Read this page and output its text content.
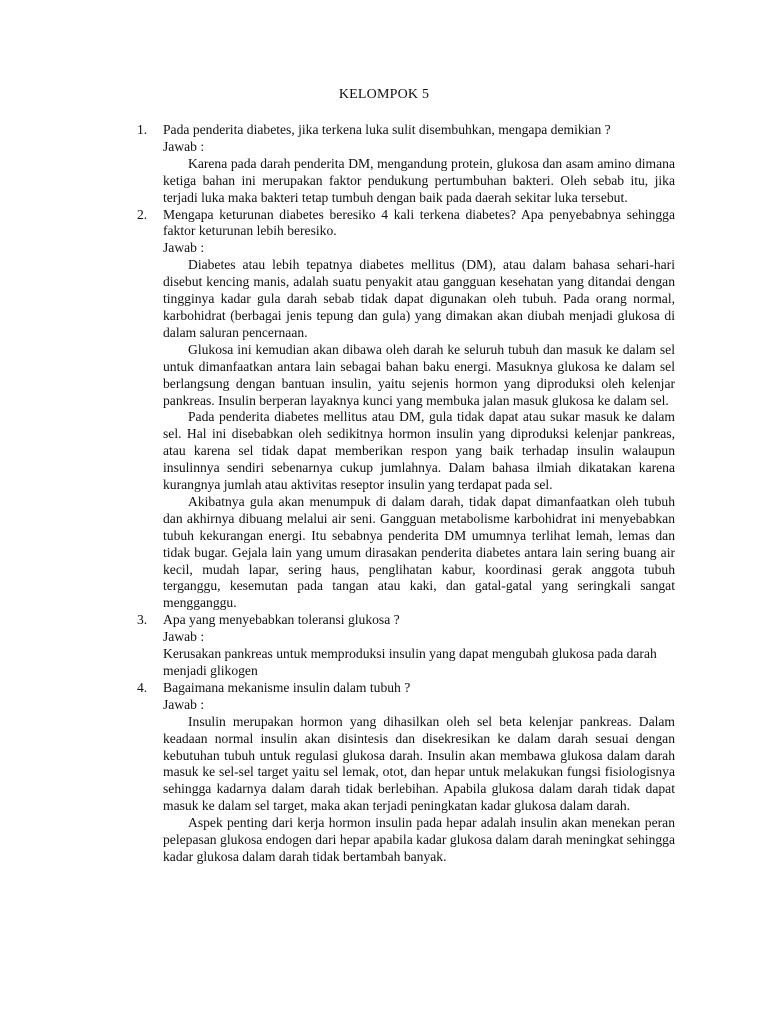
KELOMPOK 5
1. Pada penderita diabetes, jika terkena luka sulit disembuhkan, mengapa demikian ?
Jawab :

Karena pada darah penderita DM, mengandung protein, glukosa dan asam amino dimana ketiga bahan ini merupakan faktor pendukung pertumbuhan bakteri. Oleh sebab itu, jika terjadi luka maka bakteri tetap tumbuh dengan baik pada daerah sekitar luka tersebut.

2. Mengapa keturunan diabetes beresiko 4 kali terkena diabetes? Apa penyebabnya sehingga faktor keturunan lebih beresiko.
Jawab :

Diabetes atau lebih tepatnya diabetes mellitus (DM), atau dalam bahasa sehari-hari disebut kencing manis, adalah suatu penyakit atau gangguan kesehatan yang ditandai dengan tingginya kadar gula darah sebab tidak dapat digunakan oleh tubuh. Pada orang normal, karbohidrat (berbagai jenis tepung dan gula) yang dimakan akan diubah menjadi glukosa di dalam saluran pencernaan.

Glukosa ini kemudian akan dibawa oleh darah ke seluruh tubuh dan masuk ke dalam sel untuk dimanfaatkan antara lain sebagai bahan baku energi. Masuknya glukosa ke dalam sel berlangsung dengan bantuan insulin, yaitu sejenis hormon yang diproduksi oleh kelenjar pankreas. Insulin berperan layaknya kunci yang membuka jalan masuk glukosa ke dalam sel.

Pada penderita diabetes mellitus atau DM, gula tidak dapat atau sukar masuk ke dalam sel. Hal ini disebabkan oleh sedikitnya hormon insulin yang diproduksi kelenjar pankreas, atau karena sel tidak dapat memberikan respon yang baik terhadap insulin walaupun insulinnya sendiri sebenarnya cukup jumlahnya. Dalam bahasa ilmiah dikatakan karena kurangnya jumlah atau aktivitas reseptor insulin yang terdapat pada sel.

Akibatnya gula akan menumpuk di dalam darah, tidak dapat dimanfaatkan oleh tubuh dan akhirnya dibuang melalui air seni. Gangguan metabolisme karbohidrat ini menyebabkan tubuh kekurangan energi. Itu sebabnya penderita DM umumnya terlihat lemah, lemas dan tidak bugar. Gejala lain yang umum dirasakan penderita diabetes antara lain sering buang air kecil, mudah lapar, sering haus, penglihatan kabur, koordinasi gerak anggota tubuh terganggu, kesemutan pada tangan atau kaki, dan gatal-gatal yang seringkali sangat mengganggu.

3. Apa yang menyebabkan toleransi glukosa ?
Jawab :

Kerusakan pankreas untuk memproduksi insulin yang dapat mengubah glukosa pada darah menjadi glikogen

4. Bagaimana mekanisme insulin dalam tubuh ?
Jawab :

Insulin merupakan hormon yang dihasilkan oleh sel beta kelenjar pankreas. Dalam keadaan normal insulin akan disintesis dan disekresikan ke dalam darah sesuai dengan kebutuhan tubuh untuk regulasi glukosa darah. Insulin akan membawa glukosa dalam darah masuk ke sel-sel target yaitu sel lemak, otot, dan hepar untuk melakukan fungsi fisiologisnya sehingga kadarnya dalam darah tidak berlebihan. Apabila glukosa dalam darah tidak dapat masuk ke dalam sel target, maka akan terjadi peningkatan kadar glukosa dalam darah.

Aspek penting dari kerja hormon insulin pada hepar adalah insulin akan menekan peran pelepasan glukosa endogen dari hepar apabila kadar glukosa dalam darah meningkat sehingga kadar glukosa dalam darah tidak bertambah banyak.
